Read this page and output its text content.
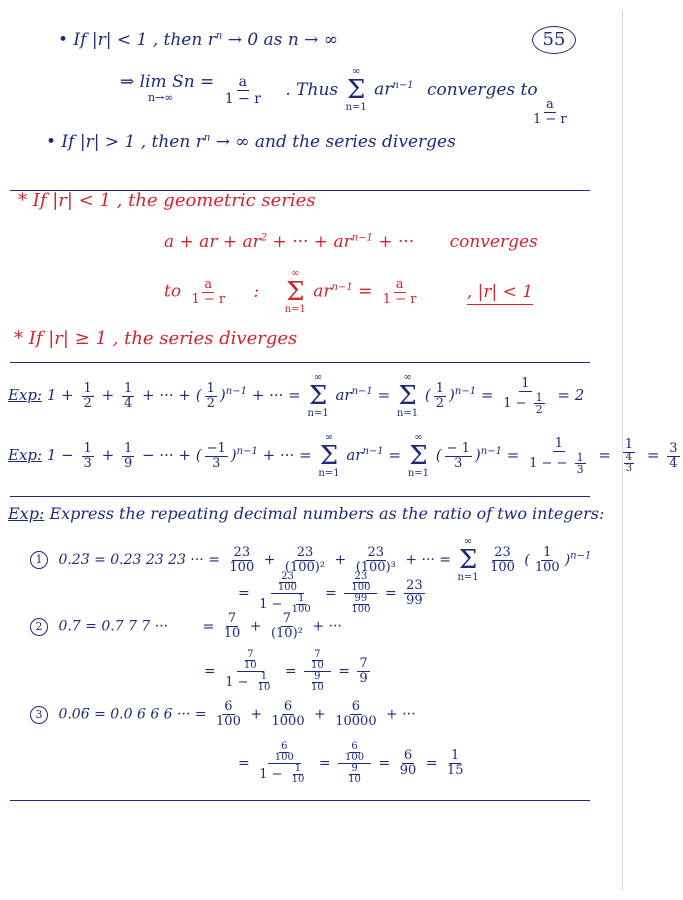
55
• If |r| < 1 , then $r^n \to 0$ as n → ∞
⇒ lim Sn =
n→∞
	$\frac{a}{1 - r}$ . Thus
∞
Σ
n=1
$ar^{n-1}$ converges to
$\frac{a}{1 - r}$
• If |r| > 1 , then $r^n$ → ∞ and the series diverges
* If |r| < 1 , the geometric series
a + ar + $ar^2$ + ··· + $ar^{n-1}$ + ··· converges
to $\frac{a}{1 - r}$ :
∞
Σ
n=1
$ar^{n-1} = \frac{a}{1 - r}$	, |r| < 1
* If |r| ≥ 1 , the series diverges
Exp: $1 + \frac{1}{2} + \frac{1}{4}$ + ··· + ( $\frac{1}{2} )^{n-1}$ + ··· =
∞
Σ
n=1
$ar^{n-1}$ =
∞
Σ
n=1
( $\frac{1}{2} )^{n-1} = \frac{1}{1 - \frac{1}{2}} = 2$
Exp: $1 - \frac{1}{3} + \frac{1}{9}$ − ··· + ( $\frac{-1}{3} )^{n-1}$ + ··· =
∞
Σ
n=1
$ar^{n-1}$ =
∞
Σ
n=1
( $\frac{- 1}{3} )^{n-1} = \frac{1}{1 - - \frac{1}{3}} = \frac{1}{\frac{4}{3}} = \frac{3}{4}$
Exp: Express the repeating decimal numbers as the ratio of two integers:
1 0.23̅ = 0.23 23 23 ··· = $\frac{23}{100} + \frac{23}{\text{(100)²}} + \frac{23}{\text{(100)³}}$ + ··· =
∞
Σ
n=1

$\frac{23}{100}$ ( $\frac{1}{100} )^{n-1}$
= $\frac{\frac{23}{100}}{1 - \frac{1}{100}} = \frac{\frac{23}{100}}{\frac{99}{100}} = \frac{23}{99}$
2 0.7̅ = 0.7 7 7 ··· = $\frac{7}{10} + \frac{7}{\text{(10)²}}$ + ···
= $\frac{\frac{7}{10}}{1 - \frac{1}{10}} = \frac{\frac{7}{10}}{\frac{9}{10}} = \frac{7}{9}$
3 0.06̅ = 0.0 6 6 6 ··· = $\frac{6}{100} + \frac{6}{1000} + \frac{6}{10000}$ + ···
= $\frac{\frac{6}{100}}{1 - \frac{1}{10}} = \frac{\frac{6}{100}}{\frac{9}{10}} = \frac{6}{90} = \frac{1}{15}$
